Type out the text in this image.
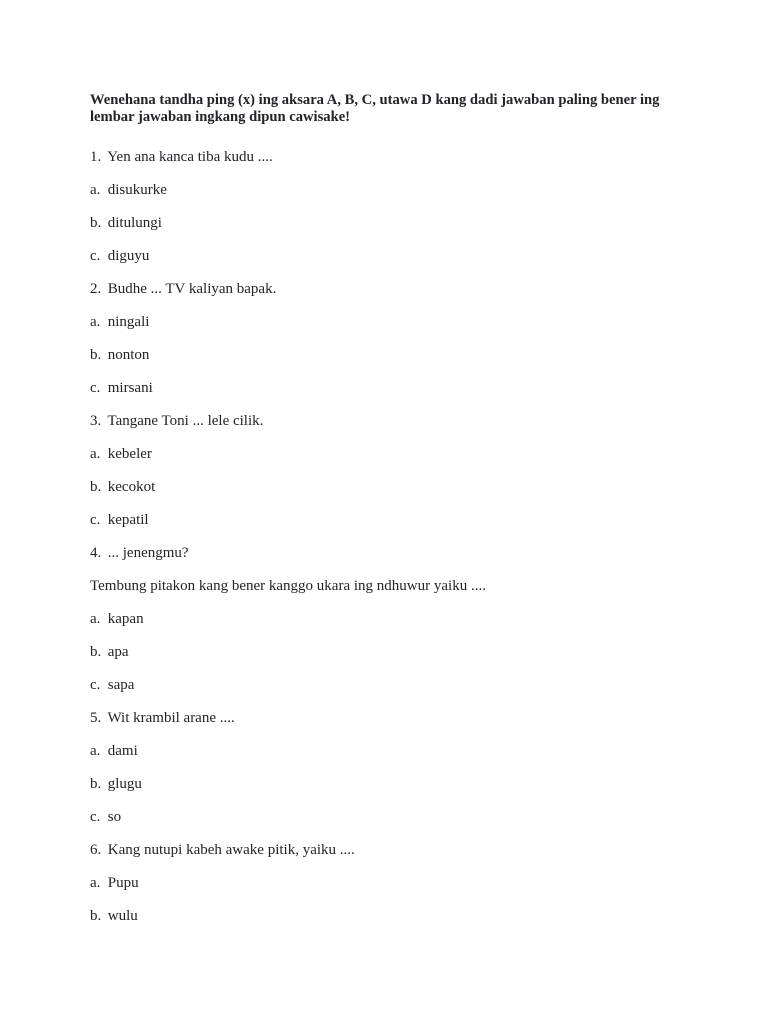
Wenehana tandha ping (x) ing aksara A, B, C, utawa D kang dadi jawaban paling bener ing lembar jawaban ingkang dipun cawisake!

1. Yen ana kanca tiba kudu ....

a. disukurke

b. ditulungi

c. diguyu

2. Budhe ... TV kaliyan bapak.

a. ningali

b. nonton

c. mirsani

3. Tangane Toni ... lele cilik.

a. kebeler

b. kecokot

c. kepatil

4. ... jenengmu?

Tembung pitakon kang bener kanggo ukara ing ndhuwur yaiku ....

a. kapan

b. apa

c. sapa

5. Wit krambil arane ....

a. dami

b. glugu

c. so

6. Kang nutupi kabeh awake pitik, yaiku ....

a. Pupu

b. wulu
